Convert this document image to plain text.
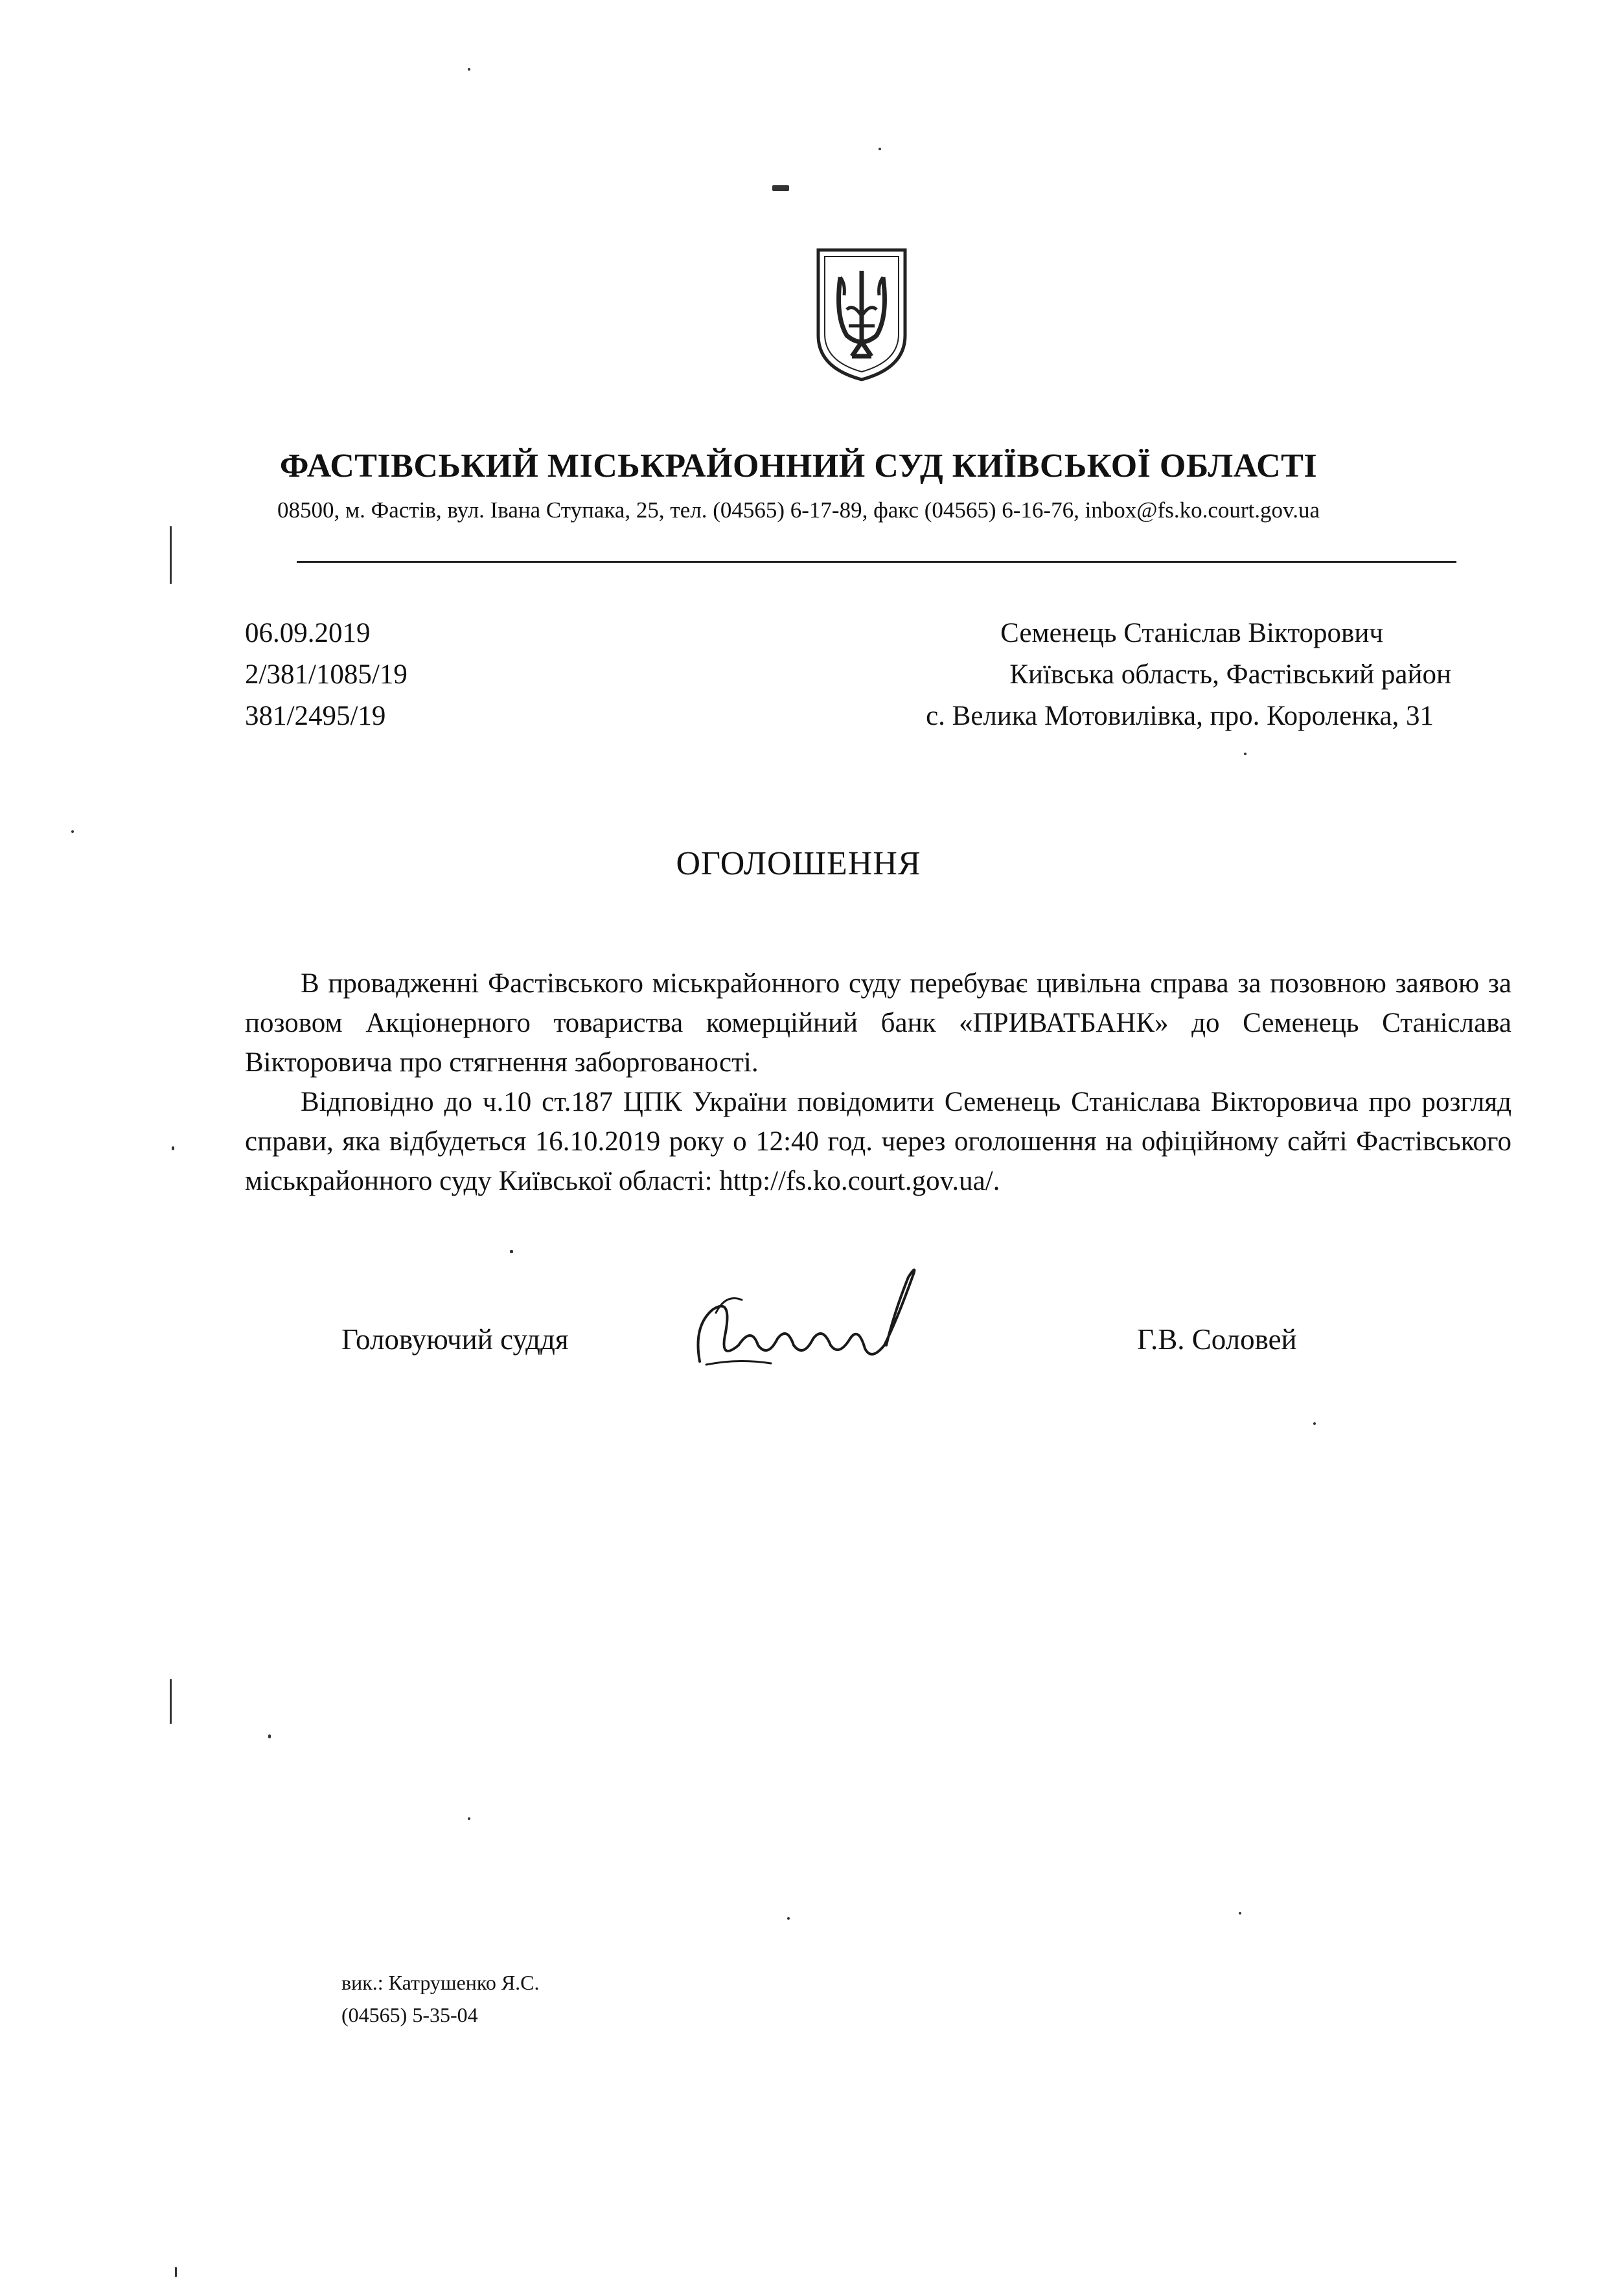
ФАСТІВСЬКИЙ МІСЬКРАЙОННИЙ СУД КИЇВСЬКОЇ ОБЛАСТІ
08500, м. Фастів, вул. Івана Ступака, 25, тел. (04565) 6-17-89, факс (04565) 6-16-76, inbox@fs.ko.court.gov.ua
06.09.2019
2/381/1085/19
381/2495/19
Семенець Станіслав Вікторович
Київська область, Фастівський район
с. Велика Мотовилівка, про. Короленка, 31
ОГОЛОШЕННЯ

В провадженні Фастівського міськрайонного суду перебуває цивільна справа за позовною заявою за позовом Акціонерного товариства комерційний банк «ПРИВАТБАНК» до Семенець Станіслава Вікторовича про стягнення заборгованості.

Відповідно до ч.10 ст.187 ЦПК України повідомити Семенець Станіслава Вікторовича про розгляд справи, яка відбудеться 16.10.2019 року о 12:40 год. через оголошення на офіційному сайті Фастівського міськрайонного суду Київської області: http://fs.ko.court.gov.ua/.

Головуючий суддя	Г.В. Соловей
вик.: Катрушенко Я.С.
(04565) 5-35-04
